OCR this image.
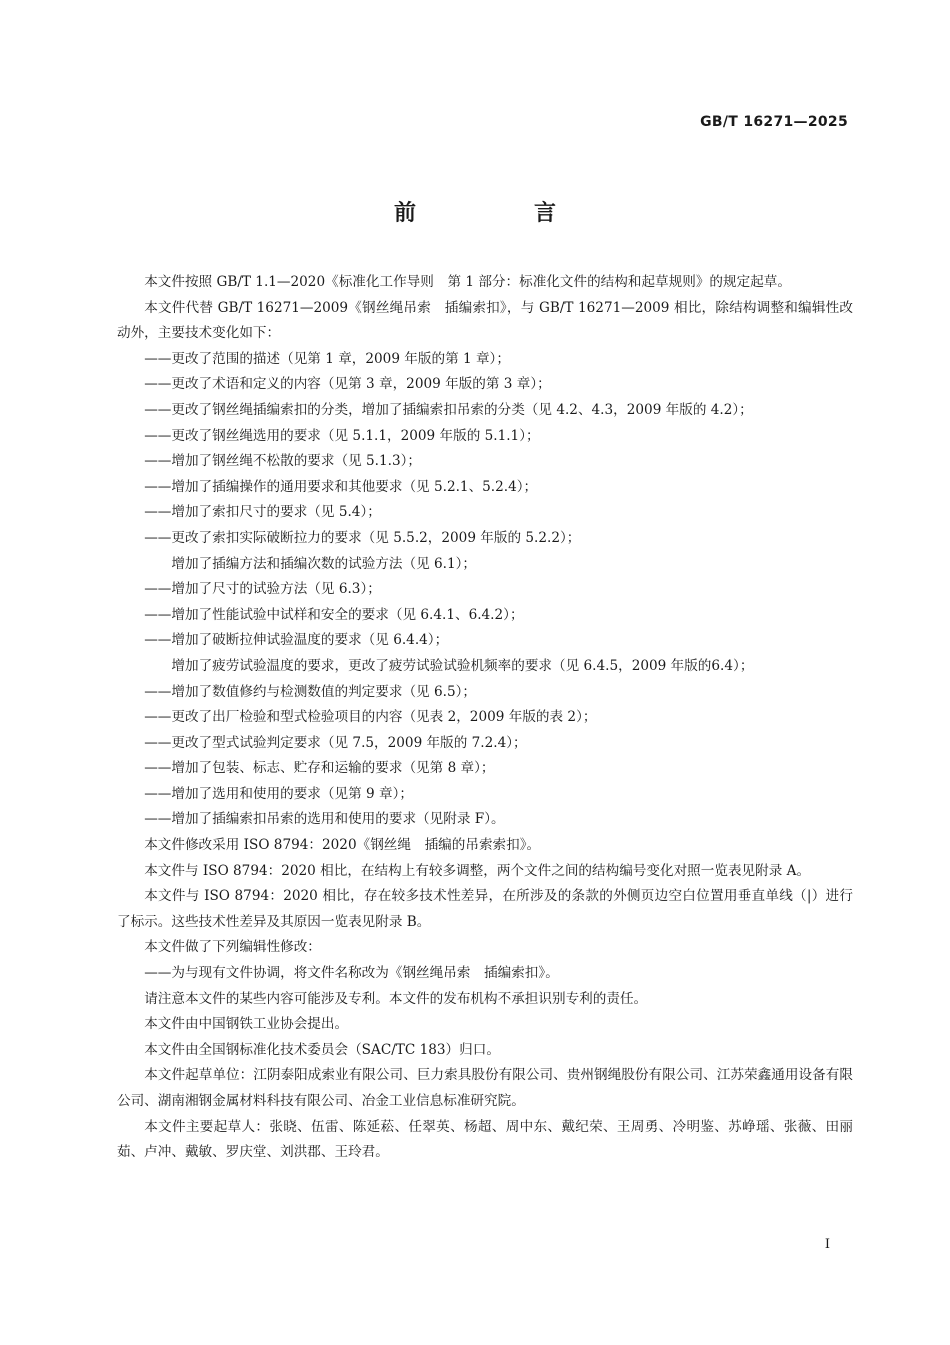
GB/T 16271—2025
前　言

本文件按照 GB/T 1.1—2020《标准化工作导则　第 1 部分：标准化文件的结构和起草规则》的规定起草。

本文件代替 GB/T 16271—2009《钢丝绳吊索　插编索扣》，与 GB/T 16271—2009 相比，除结构调整和编辑性改动外，主要技术变化如下：

——更改了范围的描述（见第 1 章，2009 年版的第 1 章）；

——更改了术语和定义的内容（见第 3 章，2009 年版的第 3 章）；

——更改了钢丝绳插编索扣的分类，增加了插编索扣吊索的分类（见 4.2、4.3，2009 年版的 4.2）；

——更改了钢丝绳选用的要求（见 5.1.1，2009 年版的 5.1.1）；

——增加了钢丝绳不松散的要求（见 5.1.3）；

——增加了插编操作的通用要求和其他要求（见 5.2.1、5.2.4）；

——增加了索扣尺寸的要求（见 5.4）；

——更改了索扣实际破断拉力的要求（见 5.5.2，2009 年版的 5.2.2）；

增加了插编方法和插编次数的试验方法（见 6.1）；

——增加了尺寸的试验方法（见 6.3）；

——增加了性能试验中试样和安全的要求（见 6.4.1、6.4.2）；

——增加了破断拉伸试验温度的要求（见 6.4.4）；

增加了疲劳试验温度的要求，更改了疲劳试验试验机频率的要求（见 6.4.5，2009 年版的6.4）；

——增加了数值修约与检测数值的判定要求（见 6.5）；

——更改了出厂检验和型式检验项目的内容（见表 2，2009 年版的表 2）；

——更改了型式试验判定要求（见 7.5，2009 年版的 7.2.4）；

——增加了包装、标志、贮存和运输的要求（见第 8 章）；

——增加了选用和使用的要求（见第 9 章）；

——增加了插编索扣吊索的选用和使用的要求（见附录 F）。

本文件修改采用 ISO 8794：2020《钢丝绳　插编的吊索索扣》。

本文件与 ISO 8794：2020 相比，在结构上有较多调整，两个文件之间的结构编号变化对照一览表见附录 A。

本文件与 ISO 8794：2020 相比，存在较多技术性差异，在所涉及的条款的外侧页边空白位置用垂直单线（|）进行了标示。这些技术性差异及其原因一览表见附录 B。

本文件做了下列编辑性修改：

——为与现有文件协调，将文件名称改为《钢丝绳吊索　插编索扣》。

请注意本文件的某些内容可能涉及专利。本文件的发布机构不承担识别专利的责任。

本文件由中国钢铁工业协会提出。

本文件由全国钢标准化技术委员会（SAC/TC 183）归口。

本文件起草单位：江阴泰阳成索业有限公司、巨力索具股份有限公司、贵州钢绳股份有限公司、江苏荣鑫通用设备有限公司、湖南湘钢金属材料科技有限公司、冶金工业信息标准研究院。

本文件主要起草人：张晓、伍雷、陈延菘、任翠英、杨超、周中东、戴纪荣、王周勇、冷明鉴、苏峥瑶、张薇、田丽茹、卢冲、戴敏、罗庆堂、刘洪郡、王玲君。

I
